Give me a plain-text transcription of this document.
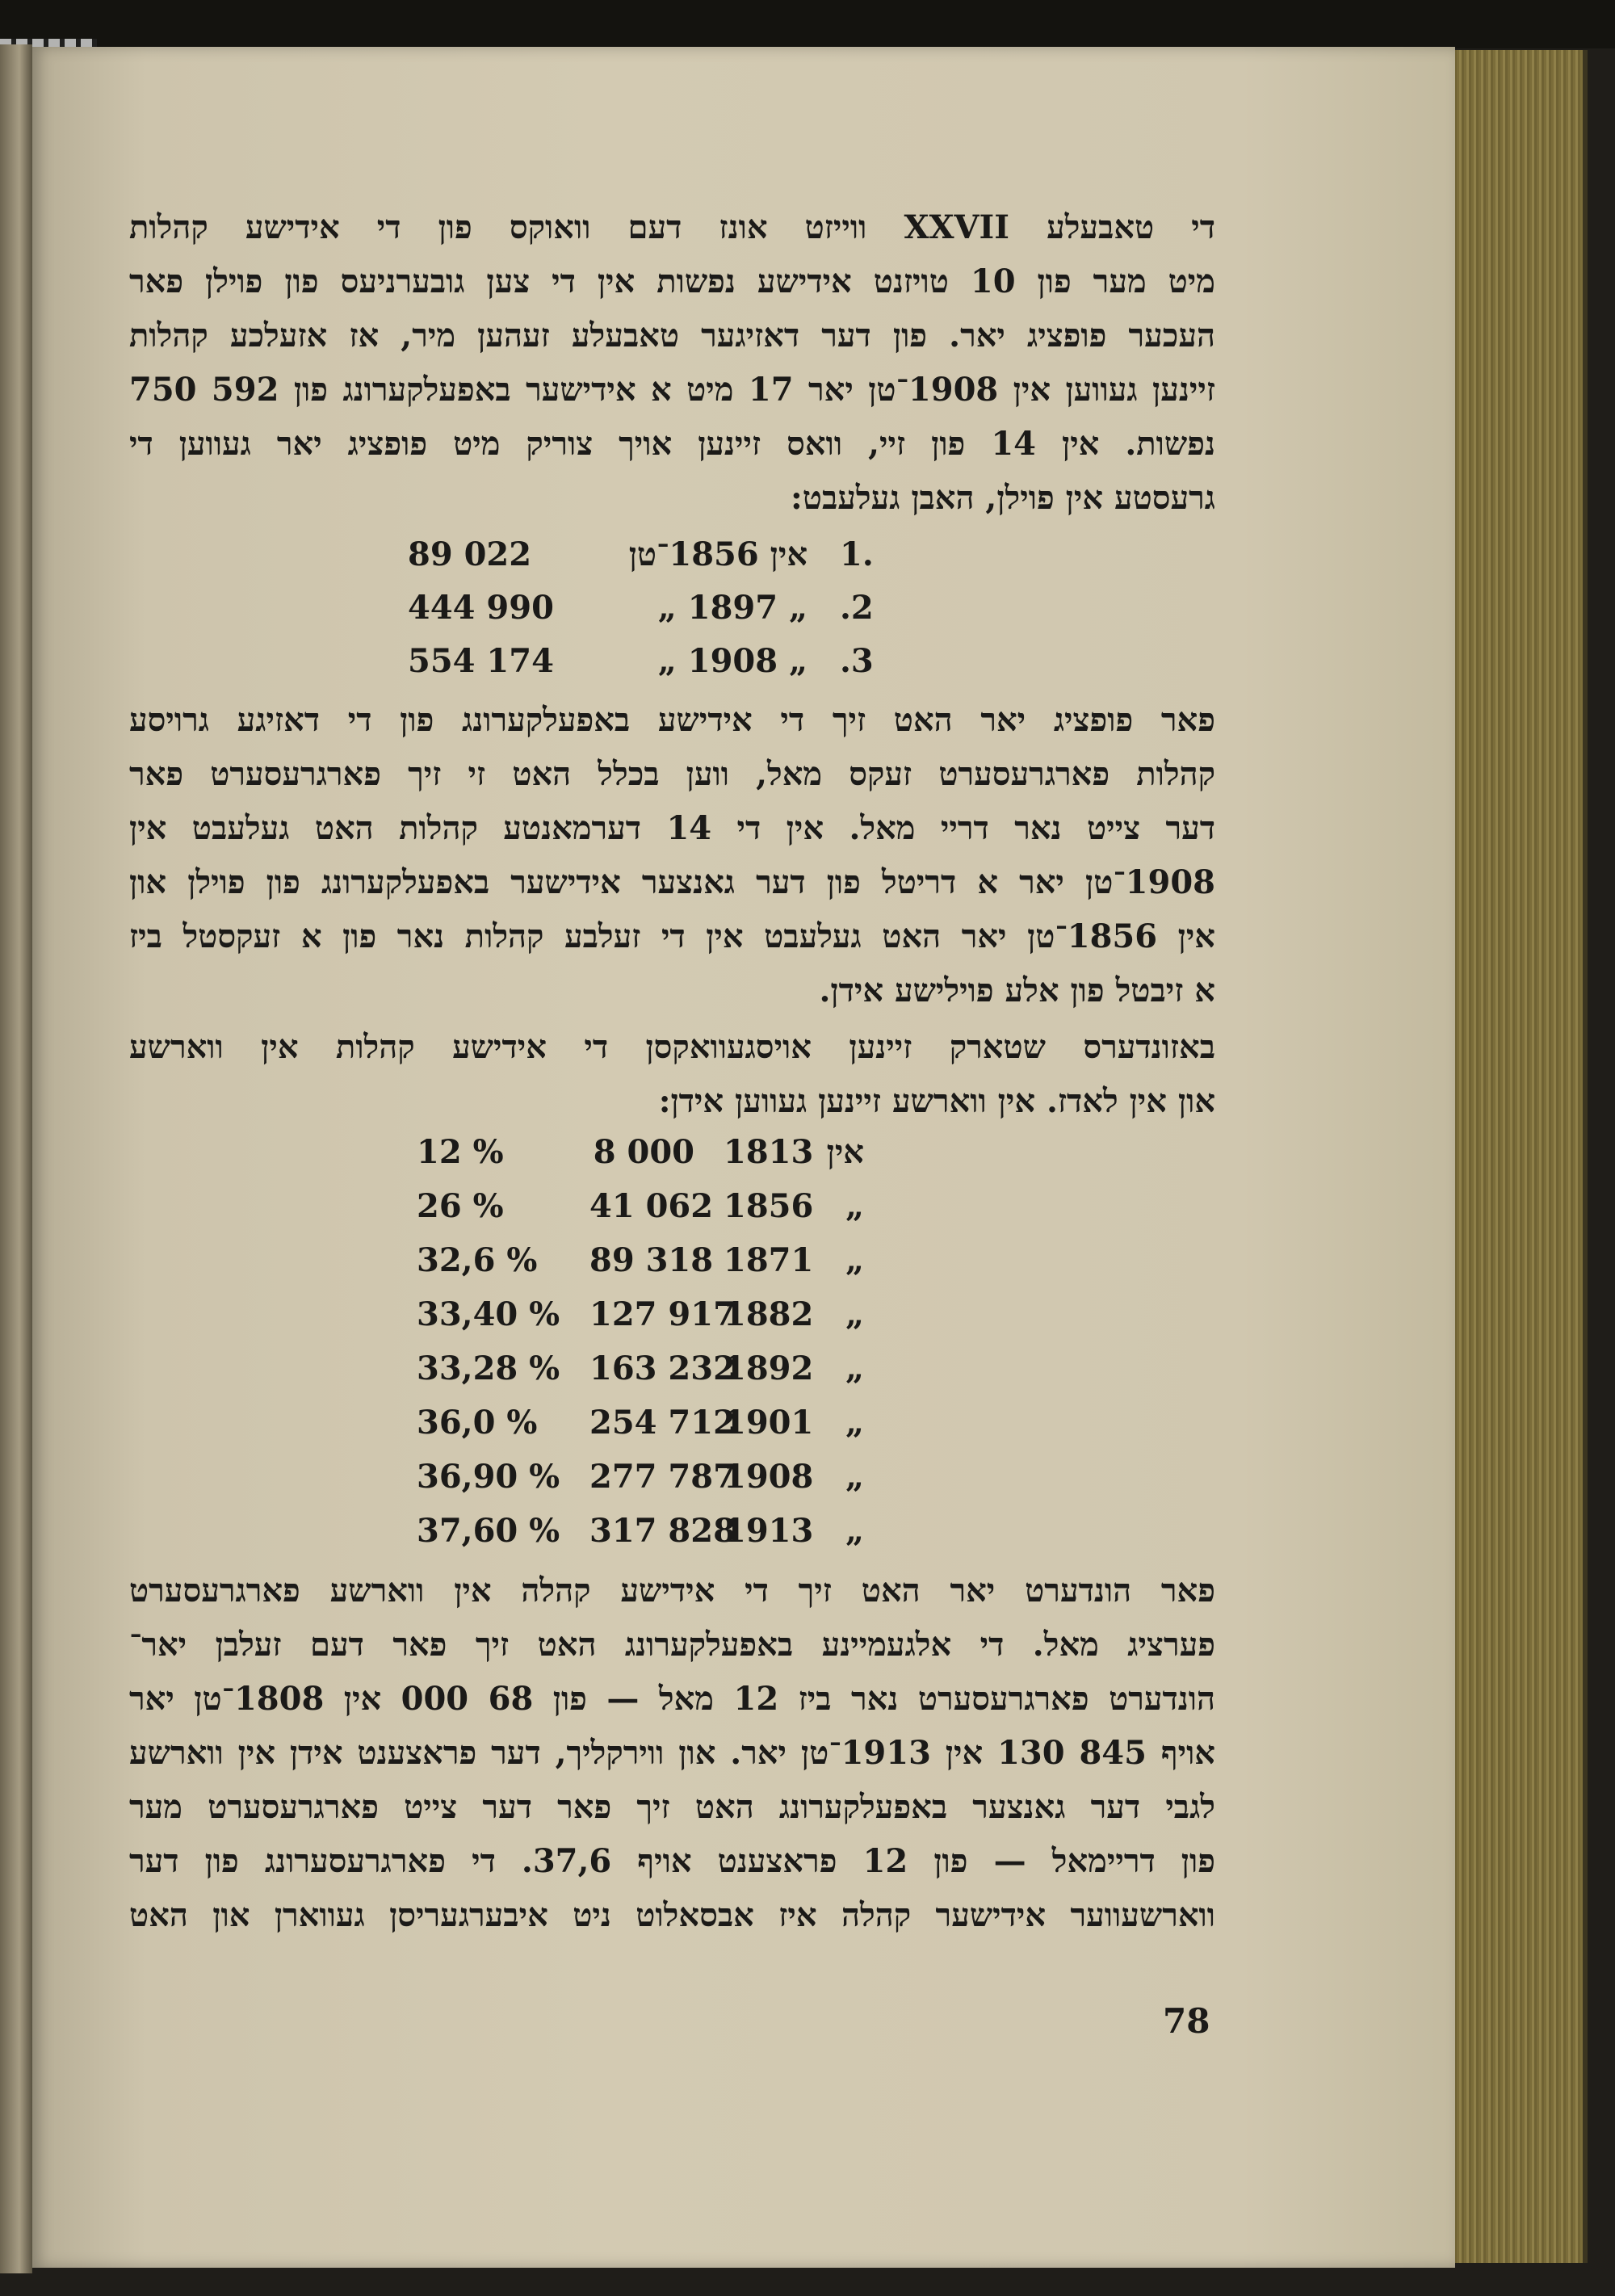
די טאבעלע XXVII ווייזט אונז דעם וואוקס פון די אידישע קהלות
מיט מער פון 10 טויזנט אידישע נפשות אין די צען גובערניעס פון פוילן פאר
העכער פופציג יאר. פון דער דאזיגער טאבעלע זעהען מיר, אז אזעלכע קהלות
זיינען געווען אין 1908־טן יאר 17 מיט א אידישער באפעלקערונג פון 592 750
נפשות. אין 14 פון זיי, וואס זיינען אויך צוריק מיט פופציג יאר געווען די
גרעסטע אין פוילן, האבן געלעבט:
1.
אין 1856־טן
89 022
.2
„ 1897 „
444 990
.3
„ 1908 „
554 174
פאר פופציג יאר האט זיך די אידישע באפעלקערונג פון די דאזיגע גרויסע
קהלות פארגרעסערט זעקס מאל, ווען בכלל האט זי זיך פארגרעסערט פאר
דער צייט נאר דריי מאל. אין די 14 דערמאנטע קהלות האט געלעבט אין
1908־טן יאר א דריטל פון דער גאנצער אידישער באפעלקערונג פון פוילן און
אין 1856־טן יאר האט געלעבט אין די זעלבע קהלות נאר פון א זעקסטל ביז
א זיבטל פון אלע פוילישע אידן.
באזונדערס שטארק זיינען אויסגעוואקסן די אידישע קהלות אין ווארשע
און אין לאדז. אין ווארשע זיינען געווען אידן:
אין
1813
8 000
12 %
„
1856
41 062
26 %
„
1871
89 318
32,6 %
„
1882
127 917
33,40 %
„
1892
163 232
33,28 %
„
1901
254 712
36,0 %
„
1908
277 787
36,90 %
„
1913
317 828
37,60 %
פאר הונדערט יאר האט זיך די אידישע קהלה אין ווארשע פארגרעסערט
פערציג מאל. די אלגעמיינע באפעלקערונג האט זיך פאר דעם זעלבן יאר־
הונדערט פארגרעסערט נאר ביז 12 מאל — פון 68 000 אין 1808־טן יאר
אויף 845 130 אין 1913־טן יאר. און ווירקליך, דער פראצענט אידן אין ווארשע
לגבי דער גאנצער באפעלקערונג האט זיך פאר דער צייט פארגרעסערט מער
פון דריימאל — פון 12 פראצענט אויף 37,6. די פארגרעסערונג פון דער
ווארשעווער אידישער קהלה איז אבסאלוט ניט איבערגעריסן געווארן און האט
78
